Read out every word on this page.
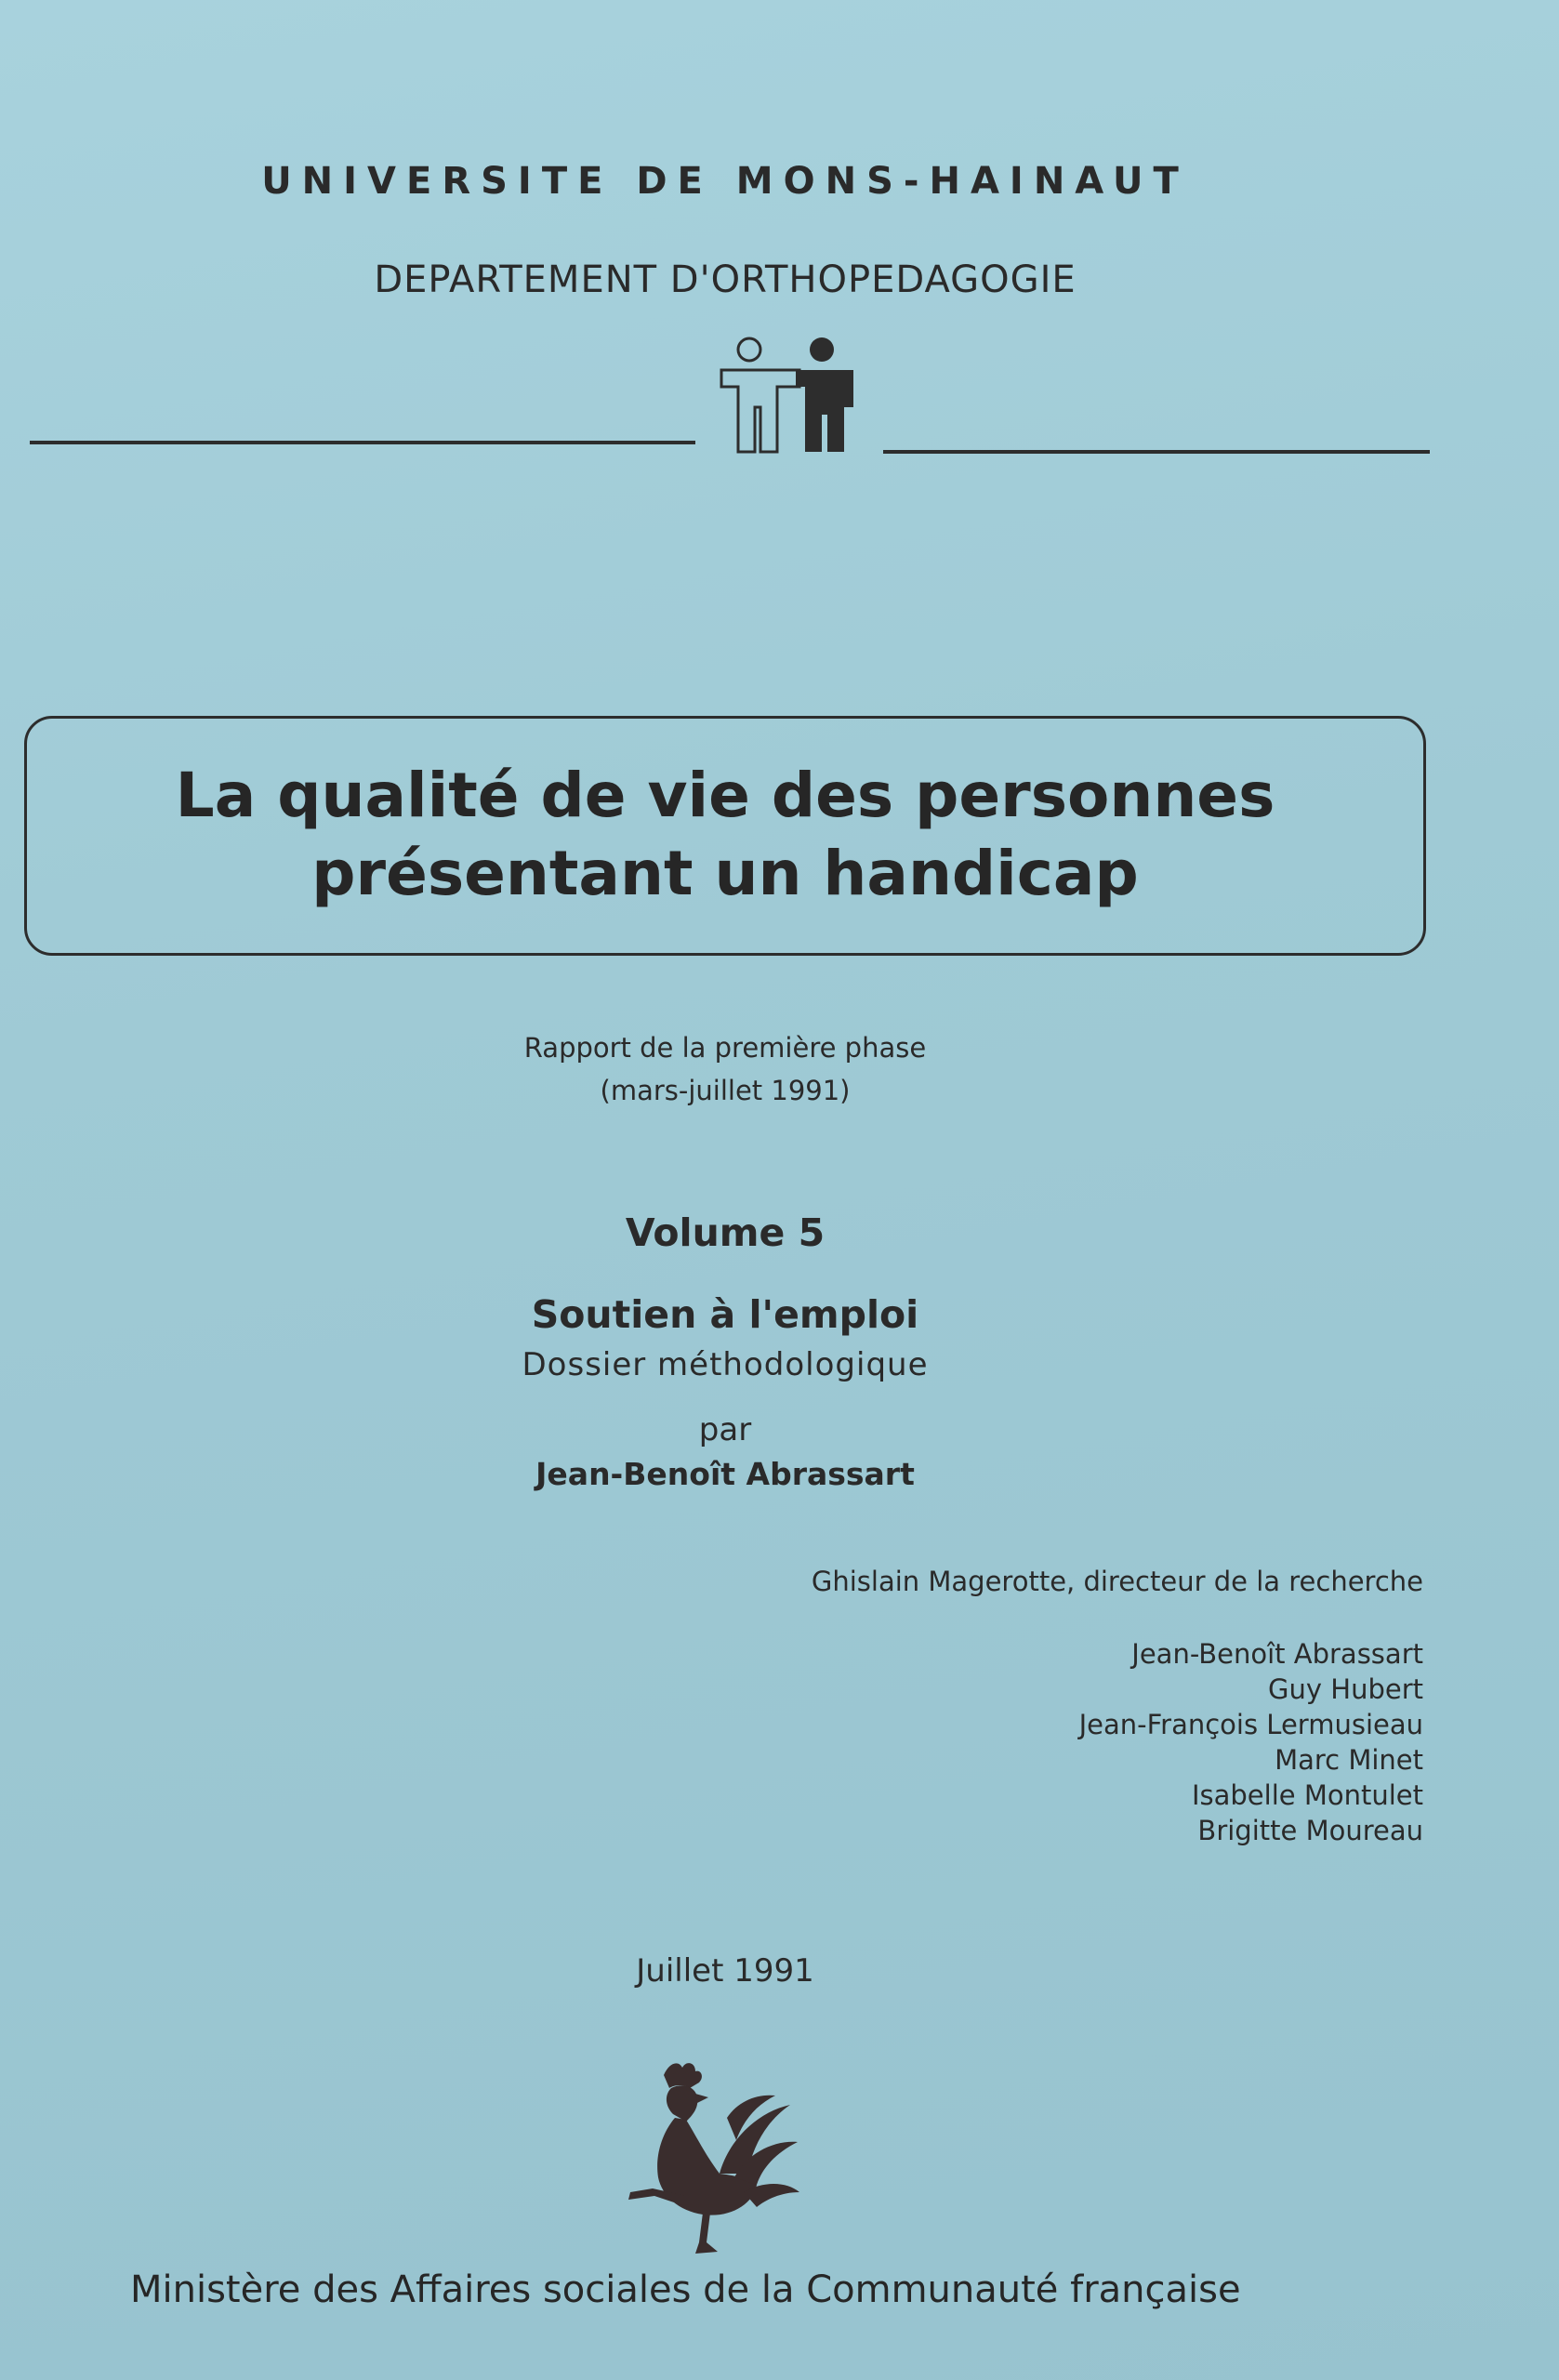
UNIVERSITE DE MONS-HAINAUT
DEPARTEMENT D'ORTHOPEDAGOGIE
La qualité de vie des personnes
présentant un handicap
Rapport de la première phase
(mars-juillet 1991)
Volume 5
Soutien à l'emploi
Dossier méthodologique
par
Jean-Benoît Abrassart
Ghislain Magerotte, directeur de la recherche
Jean-Benoît Abrassart
Guy Hubert
Jean-François Lermusieau
Marc Minet
Isabelle Montulet
Brigitte Moureau
Juillet 1991
Ministère des Affaires sociales de la Communauté française
